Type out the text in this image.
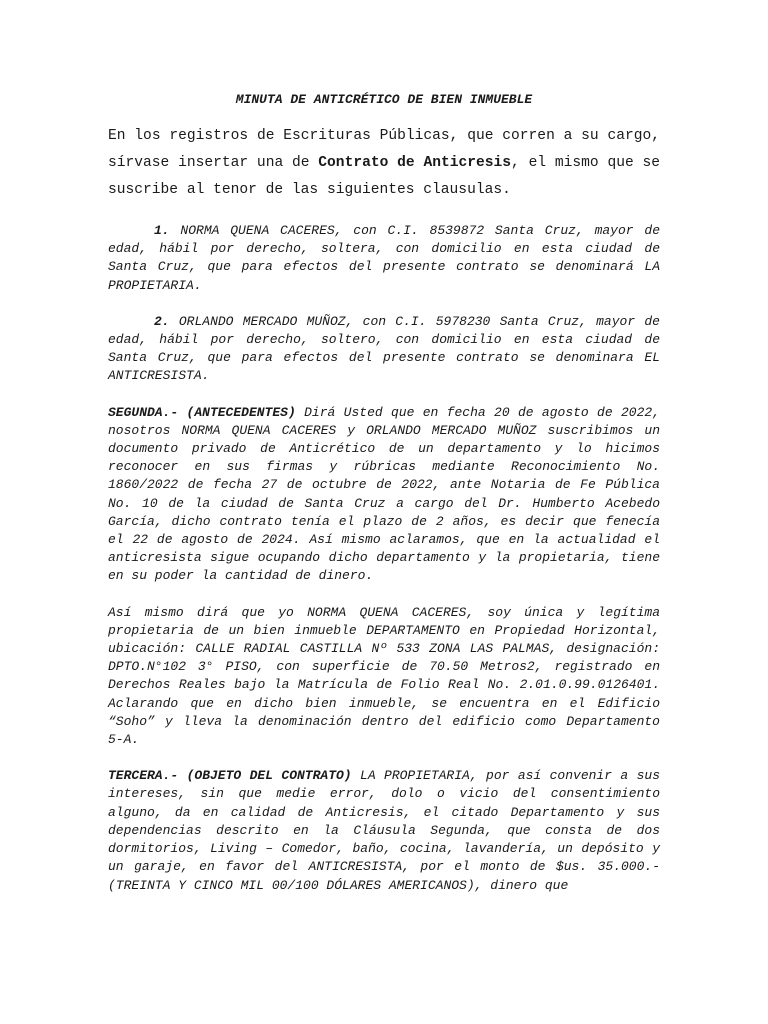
MINUTA DE ANTICRÉTICO DE BIEN INMUEBLE

En los registros de Escrituras Públicas, que corren a su cargo, sírvase insertar una de Contrato de Anticresis, el mismo que se suscribe al tenor de las siguientes clausulas.

1. NORMA QUENA CACERES, con C.I. 8539872 Santa Cruz, mayor de edad, hábil por derecho, soltera, con domicilio en esta ciudad de Santa Cruz, que para efectos del presente contrato se denominará LA PROPIETARIA.

2. ORLANDO MERCADO MUÑOZ, con C.I. 5978230 Santa Cruz, mayor de edad, hábil por derecho, soltero, con domicilio en esta ciudad de Santa Cruz, que para efectos del presente contrato se denominara EL ANTICRESISTA.

SEGUNDA.- (ANTECEDENTES) Dirá Usted que en fecha 20 de agosto de 2022, nosotros NORMA QUENA CACERES y ORLANDO MERCADO MUÑOZ suscribimos un documento privado de Anticrético de un departamento y lo hicimos reconocer en sus firmas y rúbricas mediante Reconocimiento No. 1860/2022 de fecha 27 de octubre de 2022, ante Notaria de Fe Pública No. 10 de la ciudad de Santa Cruz a cargo del Dr. Humberto Acebedo García, dicho contrato tenía el plazo de 2 años, es decir que fenecía el 22 de agosto de 2024. Así mismo aclaramos, que en la actualidad el anticresista sigue ocupando dicho departamento y la propietaria, tiene en su poder la cantidad de dinero.

Así mismo dirá que yo NORMA QUENA CACERES, soy única y legítima propietaria de un bien inmueble DEPARTAMENTO en Propiedad Horizontal, ubicación: CALLE RADIAL CASTILLA Nº 533 ZONA LAS PALMAS, designación: DPTO.N°102 3° PISO, con superficie de 70.50 Metros2, registrado en Derechos Reales bajo la Matrícula de Folio Real No. 2.01.0.99.0126401. Aclarando que en dicho bien inmueble, se encuentra en el Edificio “Soho” y lleva la denominación dentro del edificio como Departamento 5-A.

TERCERA.- (OBJETO DEL CONTRATO) LA PROPIETARIA, por así convenir a sus intereses, sin que medie error, dolo o vicio del consentimiento alguno, da en calidad de Anticresis, el citado Departamento y sus dependencias descrito en la Cláusula Segunda, que consta de dos dormitorios, Living – Comedor, baño, cocina, lavandería, un depósito y un garaje, en favor del ANTICRESISTA, por el monto de $us. 35.000.- (TREINTA Y CINCO MIL 00/100 DÓLARES AMERICANOS), dinero que
